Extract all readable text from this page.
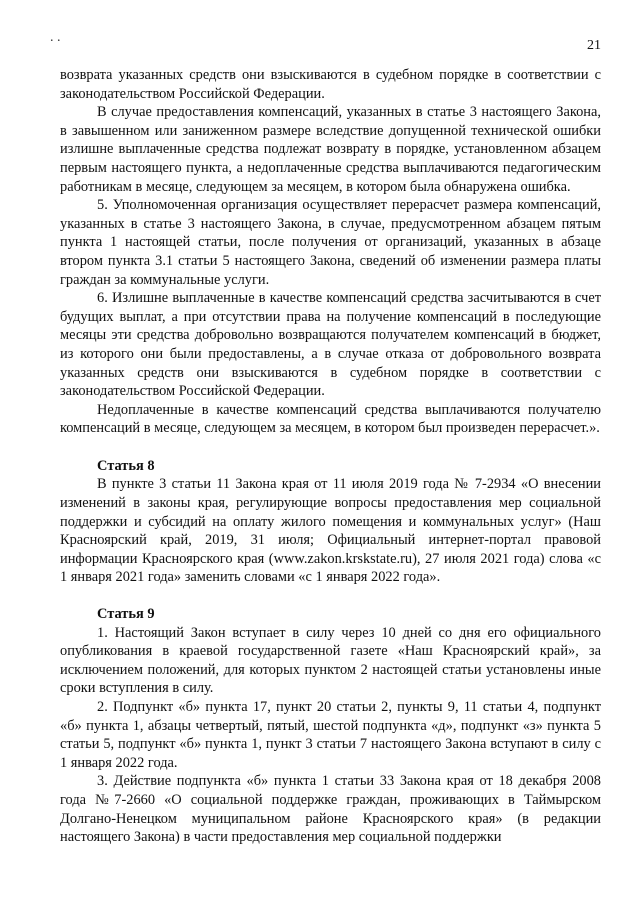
. .
21

возврата указанных средств они взыскиваются в судебном порядке в соответствии с законодательством Российской Федерации.

В случае предоставления компенсаций, указанных в статье 3 настоящего Закона, в завышенном или заниженном размере вследствие допущенной технической ошибки излишне выплаченные средства подлежат возврату в порядке, установленном абзацем первым настоящего пункта, а недоплаченные средства выплачиваются педагогическим работникам в месяце, следующем за месяцем, в котором была обнаружена ошибка.

5. Уполномоченная организация осуществляет перерасчет размера компенсаций, указанных в статье 3 настоящего Закона, в случае, предусмотренном абзацем пятым пункта 1 настоящей статьи, после получения от организаций, указанных в абзаце втором пункта 3.1 статьи 5 настоящего Закона, сведений об изменении размера платы граждан за коммунальные услуги.

6. Излишне выплаченные в качестве компенсаций средства засчитываются в счет будущих выплат, а при отсутствии права на получение компенсаций в последующие месяцы эти средства добровольно возвращаются получателем компенсаций в бюджет, из которого они были предоставлены, а в случае отказа от добровольного возврата указанных средств они взыскиваются в судебном порядке в соответствии с законодательством Российской Федерации.

Недоплаченные в качестве компенсаций средства выплачиваются получателю компенсаций в месяце, следующем за месяцем, в котором был произведен перерасчет.».

Статья 8

В пункте 3 статьи 11 Закона края от 11 июля 2019 года № 7-2934 «О внесении изменений в законы края, регулирующие вопросы предоставления мер социальной поддержки и субсидий на оплату жилого помещения и коммунальных услуг» (Наш Красноярский край, 2019, 31 июля; Официальный интернет-портал правовой информации Красноярского края (www.zakon.krskstate.ru), 27 июля 2021 года) слова «с 1 января 2021 года» заменить словами «с 1 января 2022 года».

Статья 9

1. Настоящий Закон вступает в силу через 10 дней со дня его официального опубликования в краевой государственной газете «Наш Красноярский край», за исключением положений, для которых пунктом 2 настоящей статьи установлены иные сроки вступления в силу.

2. Подпункт «б» пункта 17, пункт 20 статьи 2, пункты 9, 11 статьи 4, подпункт «б» пункта 1, абзацы четвертый, пятый, шестой подпункта «д», подпункт «з» пункта 5 статьи 5, подпункт «б» пункта 1, пункт 3 статьи 7 настоящего Закона вступают в силу с 1 января 2022 года.

3. Действие подпункта «б» пункта 1 статьи 33 Закона края от 18 декабря 2008 года №7-2660 «О социальной поддержке граждан, проживающих в Таймырском Долгано-Ненецком муниципальном районе Красноярского края» (в редакции настоящего Закона) в части предоставления мер социальной поддержки
